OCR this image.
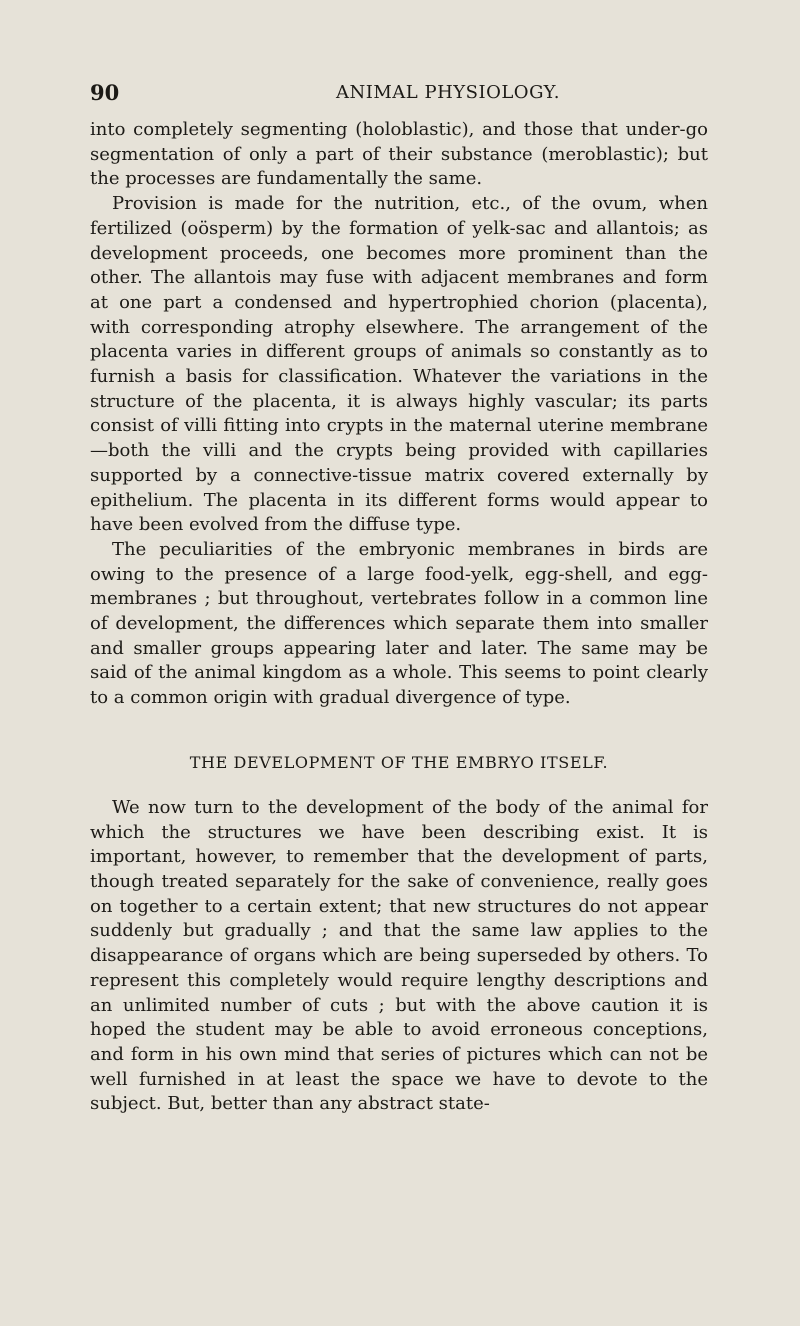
90	ANIMAL PHYSIOLOGY.

into completely segmenting (holoblastic), and those that under-go segmentation of only a part of their substance (meroblastic); but the processes are fundamentally the same.

Provision is made for the nutrition, etc., of the ovum, when fertilized (oösperm) by the formation of yelk-sac and allantois; as development proceeds, one becomes more prominent than the other. The allantois may fuse with adjacent membranes and form at one part a condensed and hypertrophied chorion (placenta), with corresponding atrophy elsewhere. The arrangement of the placenta varies in different groups of animals so constantly as to furnish a basis for classification. Whatever the variations in the structure of the placenta, it is always highly vascular; its parts consist of villi fitting into crypts in the maternal uterine membrane—both the villi and the crypts being provided with capillaries supported by a connective-tissue matrix covered externally by epithelium. The placenta in its different forms would appear to have been evolved from the diffuse type.

The peculiarities of the embryonic membranes in birds are owing to the presence of a large food-yelk, egg-shell, and egg-membranes ; but throughout, vertebrates follow in a common line of development, the differences which separate them into smaller and smaller groups appearing later and later. The same may be said of the animal kingdom as a whole. This seems to point clearly to a common origin with gradual divergence of type.

THE DEVELOPMENT OF THE EMBRYO ITSELF.

We now turn to the development of the body of the animal for which the structures we have been describing exist. It is important, however, to remember that the development of parts, though treated separately for the sake of convenience, really goes on together to a certain extent; that new structures do not appear suddenly but gradually ; and that the same law applies to the disappearance of organs which are being superseded by others. To represent this completely would require lengthy descriptions and an unlimited number of cuts ; but with the above caution it is hoped the student may be able to avoid erroneous conceptions, and form in his own mind that series of pictures which can not be well furnished in at least the space we have to devote to the subject. But, better than any abstract state-
